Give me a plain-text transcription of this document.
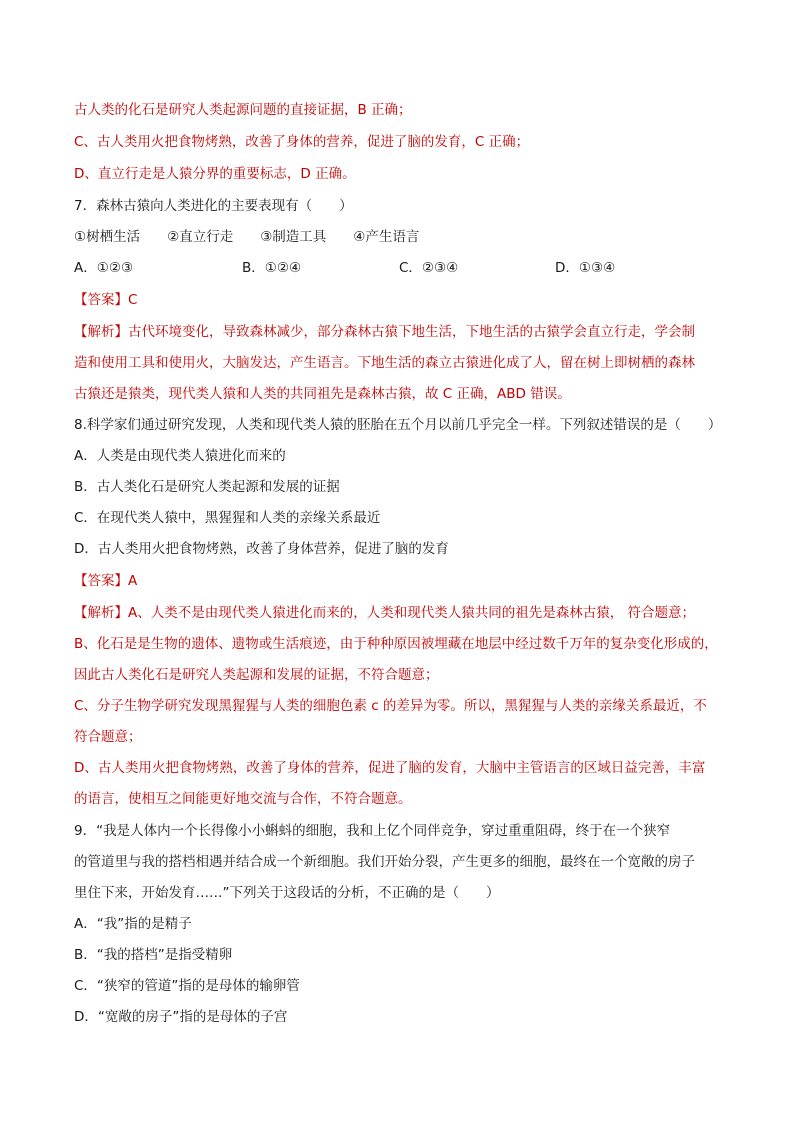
古人类的化石是研究人类起源问题的直接证据，B 正确；
C、古人类用火把食物烤熟，改善了身体的营养，促进了脑的发育，C 正确；
D、直立行走是人猿分界的重要标志，D 正确。
7．森林古猿向人类进化的主要表现有（　　）
①树栖生活　　②直立行走　　③制造工具　　④产生语言
A．①②③	B．①②④	C．②③④	D．①③④
【答案】C
【解析】古代环境变化，导致森林减少，部分森林古猿下地生活，下地生活的古猿学会直立行走，学会制
造和使用工具和使用火，大脑发达，产生语言。下地生活的森立古猿进化成了人，留在树上即树栖的森林
古猿还是猿类，现代类人猿和人类的共同祖先是森林古猿，故 C 正确，ABD 错误。
8.科学家们通过研究发现，人类和现代类人猿的胚胎在五个月以前几乎完全一样。下列叙述错误的是（　　）
A．人类是由现代类人猿进化而来的
B．古人类化石是研究人类起源和发展的证据
C．在现代类人猿中，黑猩猩和人类的亲缘关系最近
D．古人类用火把食物烤熟，改善了身体营养，促进了脑的发育
【答案】A
【解析】A、人类不是由现代类人猿进化而来的，人类和现代类人猿共同的祖先是森林古猿， 符合题意；
B、化石是是生物的遗体、遗物或生活痕迹，由于种种原因被埋藏在地层中经过数千万年的复杂变化形成的，
因此古人类化石是研究人类起源和发展的证据，不符合题意；
C、分子生物学研究发现黑猩猩与人类的细胞色素 c 的差异为零。所以，黑猩猩与人类的亲缘关系最近，不
符合题意；
D、古人类用火把食物烤熟，改善了身体的营养，促进了脑的发育，大脑中主管语言的区域日益完善，丰富
的语言，使相互之间能更好地交流与合作，不符合题意。
9．“我是人体内一个长得像小小蝌蚪的细胞，我和上亿个同伴竞争，穿过重重阻碍，终于在一个狭窄
的管道里与我的搭档相遇并结合成一个新细胞。我们开始分裂，产生更多的细胞，最终在一个宽敞的房子
里住下来，开始发育……”下列关于这段话的分析，不正确的是（　　）
A．“我”指的是精子
B．“我的搭档”是指受精卵
C．“狭窄的管道”指的是母体的输卵管
D．“宽敞的房子”指的是母体的子宫
